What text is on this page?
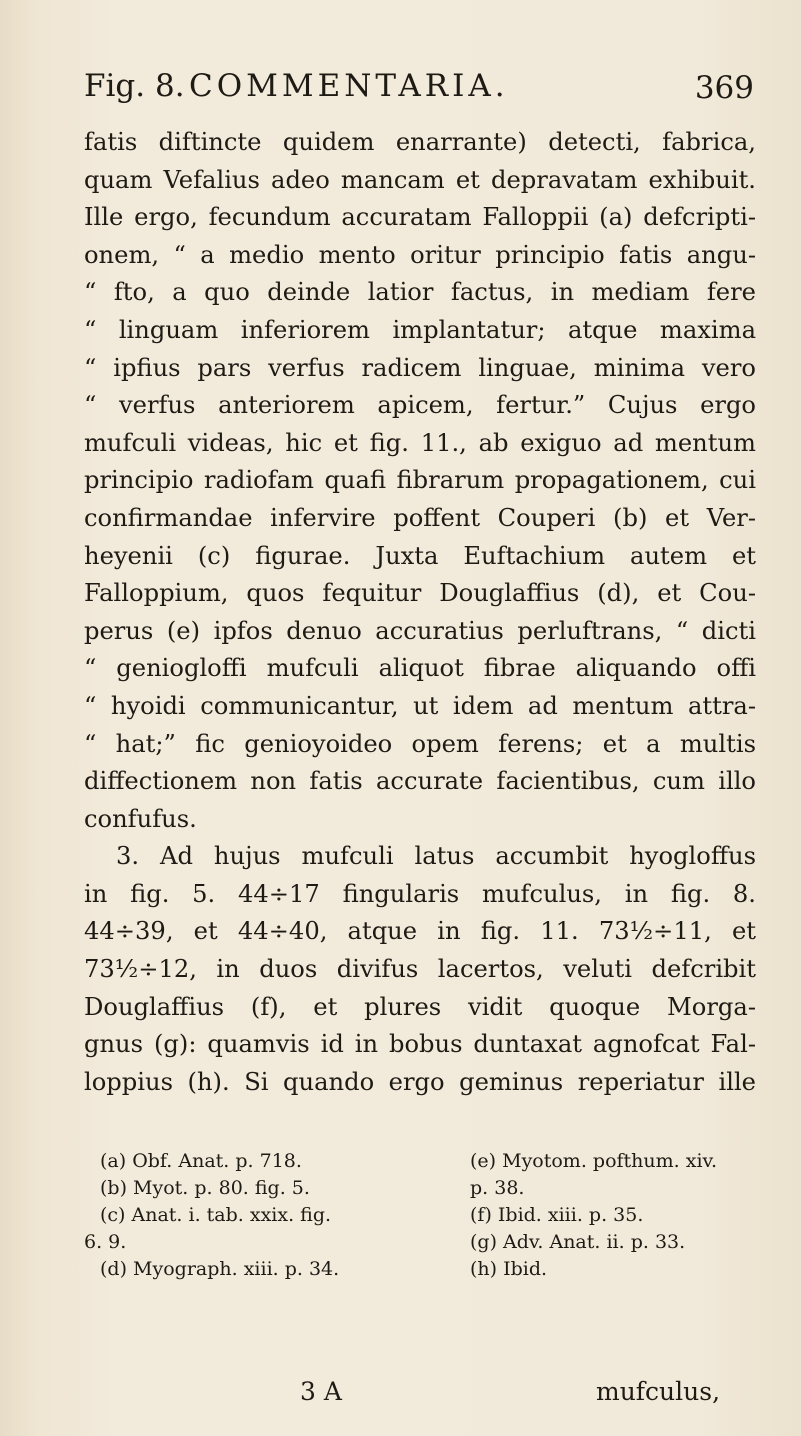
Fig. 8. COMMENTARIA.	369
fatis diftincte quidem enarrante) detecti, fabrica,
quam Vefalius adeo mancam et depravatam exhibuit.
Ille ergo, fecundum accuratam Falloppii (a) defcripti-
onem, “ a medio mento oritur principio fatis angu-
“ fto, a quo deinde latior factus, in mediam fere
“ linguam inferiorem implantatur; atque maxima
“ ipfius pars verfus radicem linguae, minima vero
“ verfus anteriorem apicem, fertur.” Cujus ergo
mufculi videas, hic et fig. 11., ab exiguo ad mentum
principio radiofam quafi fibrarum propagationem, cui
confirmandae infervire poffent Couperi (b) et Ver-
heyenii (c) figurae. Juxta Euftachium autem et
Falloppium, quos fequitur Douglaffius (d), et Cou-
perus (e) ipfos denuo accuratius perluftrans, “ dicti
“ geniogloffi mufculi aliquot fibrae aliquando offi
“ hyoidi communicantur, ut idem ad mentum attra-
“ hat;” fic genioyoideo opem ferens; et a multis
diffectionem non fatis accurate facientibus, cum illo
confufus.
3. Ad hujus mufculi latus accumbit hyogloffus
in fig. 5. 44÷17 fingularis mufculus, in fig. 8.
44÷39, et 44÷40, atque in fig. 11. 73½÷11, et
73½÷12, in duos divifus lacertos, veluti defcribit
Douglaffius (f), et plures vidit quoque Morga-
gnus (g): quamvis id in bobus duntaxat agnofcat Fal-
loppius (h). Si quando ergo geminus reperiatur ille
(a) Obf. Anat. p. 718.	(e) Myotom. pofthum. xiv.
(b) Myot. p. 80. fig. 5.	p. 38.
(c) Anat. i. tab. xxix. fig.	(f) Ibid. xiii. p. 35.
6. 9.	(g) Adv. Anat. ii. p. 33.
(d) Myograph. xiii. p. 34.	(h) Ibid.
3 A	mufculus,
